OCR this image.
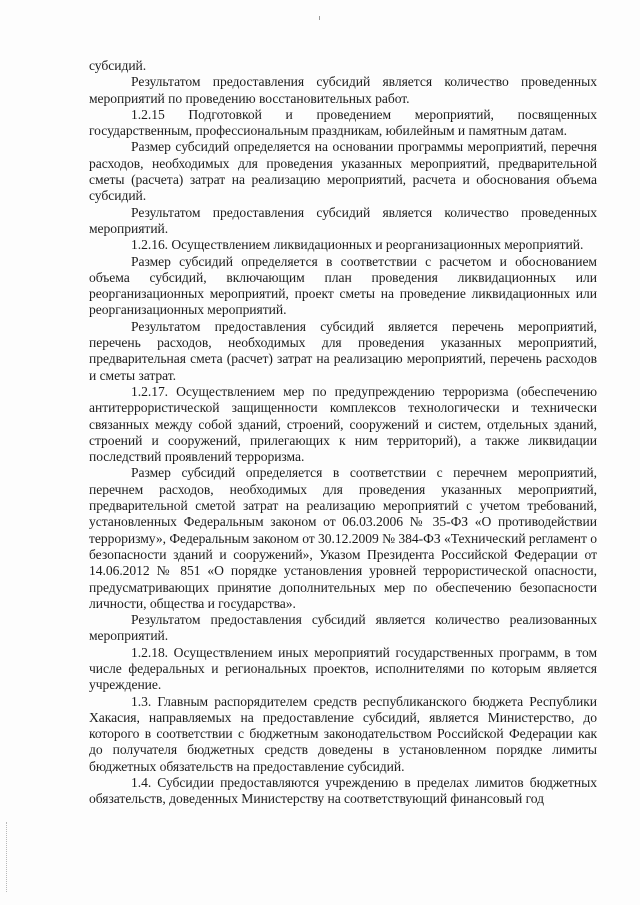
субсидий.

Результатом предоставления субсидий является количество проведенных мероприятий по проведению восстановительных работ.

1.2.15 Подготовкой и проведением мероприятий, посвященных государственным, профессиональным праздникам, юбилейным и памятным датам.

Размер субсидий определяется на основании программы мероприятий, перечня расходов, необходимых для проведения указанных мероприятий, предварительной сметы (расчета) затрат на реализацию мероприятий, расчета и обоснования объема субсидий.

Результатом предоставления субсидий является количество проведенных мероприятий.

1.2.16. Осуществлением ликвидационных и реорганизационных мероприятий.

Размер субсидий определяется в соответствии с расчетом и обоснованием объема субсидий, включающим план проведения ликвидационных или реорганизационных мероприятий, проект сметы на проведение ликвидационных или реорганизационных мероприятий.

Результатом предоставления субсидий является перечень мероприятий, перечень расходов, необходимых для проведения указанных мероприятий, предварительная смета (расчет) затрат на реализацию мероприятий, перечень расходов и сметы затрат.

1.2.17. Осуществлением мер по предупреждению терроризма (обеспечению антитеррористической защищенности комплексов технологически и технически связанных между собой зданий, строений, сооружений и систем, отдельных зданий, строений и сооружений, прилегающих к ним территорий), а также ликвидации последствий проявлений терроризма.

Размер субсидий определяется в соответствии с перечнем мероприятий, перечнем расходов, необходимых для проведения указанных мероприятий, предварительной сметой затрат на реализацию мероприятий с учетом требований, установленных Федеральным законом от 06.03.2006 № 35-ФЗ «О противодействии терроризму», Федеральным законом от 30.12.2009 № 384-ФЗ «Технический регламент о безопасности зданий и сооружений», Указом Президента Российской Федерации от 14.06.2012 № 851 «О порядке установления уровней террористической опасности, предусматривающих принятие дополнительных мер по обеспечению безопасности личности, общества и государства».

Результатом предоставления субсидий является количество реализованных мероприятий.

1.2.18. Осуществлением иных мероприятий государственных программ, в том числе федеральных и региональных проектов, исполнителями по которым является учреждение.

1.3. Главным распорядителем средств республиканского бюджета Республики Хакасия, направляемых на предоставление субсидий, является Министерство, до которого в соответствии с бюджетным законодательством Российской Федерации как до получателя бюджетных средств доведены в установленном порядке лимиты бюджетных обязательств на предоставление субсидий.

1.4. Субсидии предоставляются учреждению в пределах лимитов бюджетных обязательств, доведенных Министерству на соответствующий финансовый год
